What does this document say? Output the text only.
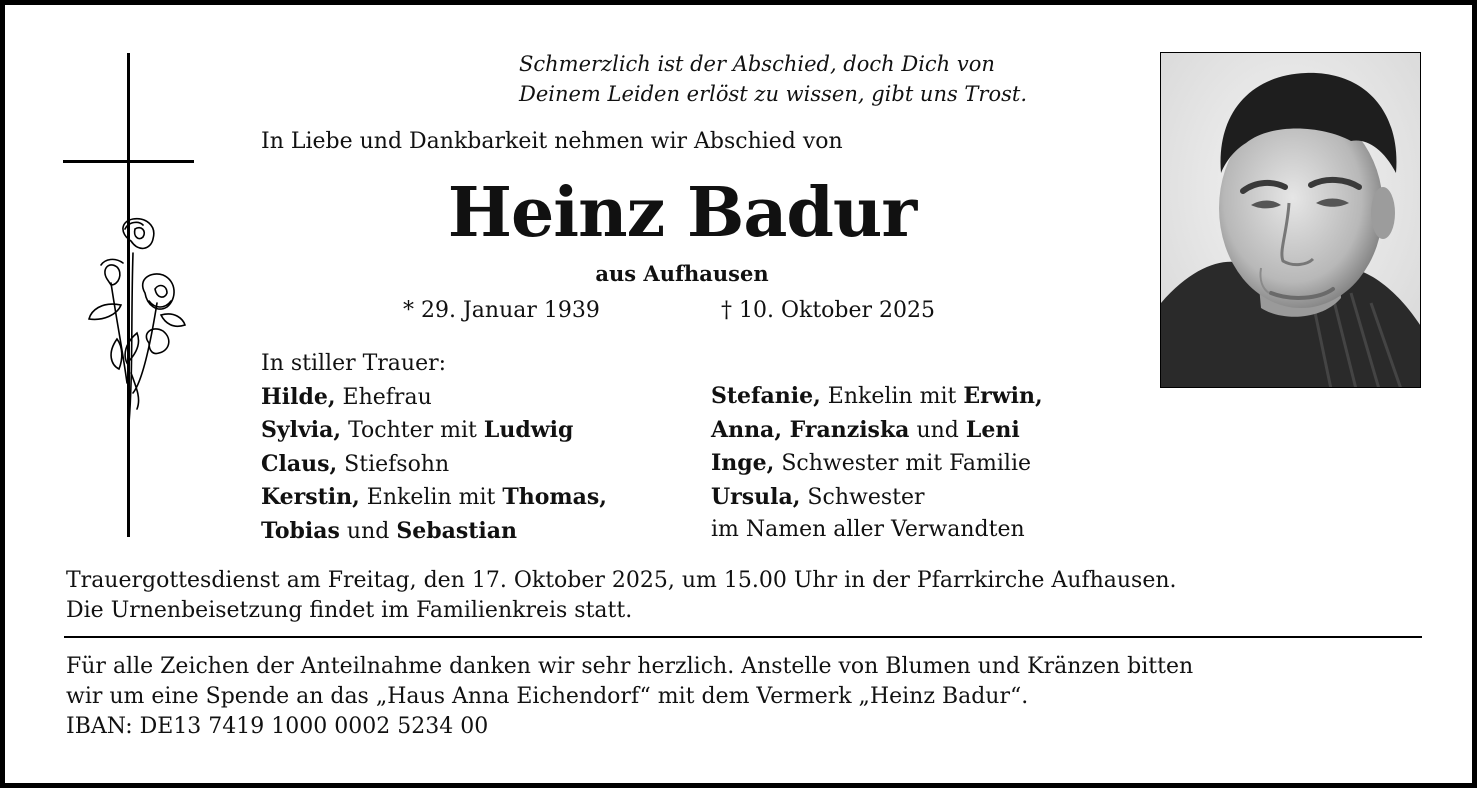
Schmerzlich ist der Abschied, doch Dich von
Deinem Leiden erlöst zu wissen, gibt uns Trost.
In Liebe und Dankbarkeit nehmen wir Abschied von
Heinz Badur
aus Aufhausen
* 29. Januar 1939	† 10. Oktober 2025
In stiller Trauer:
Hilde, Ehefrau
Sylvia, Tochter mit Ludwig
Claus, Stiefsohn
Kerstin, Enkelin mit Thomas,
Tobias und Sebastian
Stefanie, Enkelin mit Erwin,
Anna, Franziska und Leni
Inge, Schwester mit Familie
Ursula, Schwester
im Namen aller Verwandten
Trauergottesdienst am Freitag, den 17. Oktober 2025, um 15.00 Uhr in der Pfarrkirche Aufhausen.
Die Urnenbeisetzung findet im Familienkreis statt.
Für alle Zeichen der Anteilnahme danken wir sehr herzlich. Anstelle von Blumen und Kränzen bitten
wir um eine Spende an das „Haus Anna Eichendorf“ mit dem Vermerk „Heinz Badur“.
IBAN: DE13 7419 1000 0002 5234 00
